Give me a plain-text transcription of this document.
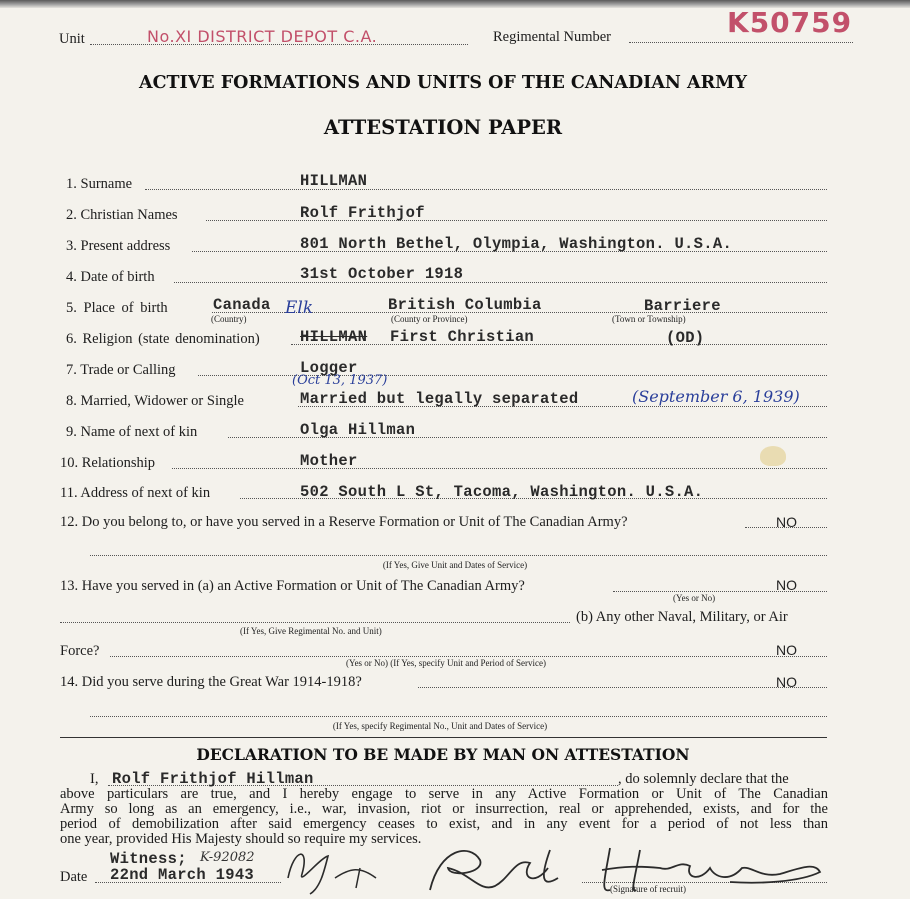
Unit	No.XI DISTRICT DEPOT C.A.	Regimental Number	K50759
ACTIVE FORMATIONS AND UNITS OF THE CANADIAN ARMY
ATTESTATION PAPER
1. Surname	HILLMAN
2. Christian Names	Rolf Frithjof
3. Present address	801 North Bethel, Olympia, Washington. U.S.A.
4. Date of birth	31st October 1918
5. Place of birth	Canada Elk	British Columbia	Barriere
(Country)	(County or Province)	(Town or Township)
6. Religion (state denomination)	HILLMAN First Christian	(OD)
7. Trade or Calling	Logger
(Oct 13, 1937)
8. Married, Widower or Single	Married but legally separated	(September 6, 1939)
9. Name of next of kin	Olga Hillman
10. Relationship	Mother
11. Address of next of kin	502 South L St, Tacoma, Washington. U.S.A.
12. Do you belong to, or have you served in a Reserve Formation or Unit of The Canadian Army?	NO
(If Yes, Give Unit and Dates of Service)
13. Have you served in (a) an Active Formation or Unit of The Canadian Army?	NO
(Yes or No)
(b) Any other Naval, Military, or Air
(If Yes, Give Regimental No. and Unit)
Force?	NO
(Yes or No) (If Yes, specify Unit and Period of Service)
14. Did you serve during the Great War 1914-1918?	NO
(If Yes, specify Regimental No., Unit and Dates of Service)
DECLARATION TO BE MADE BY MAN ON ATTESTATION
I, Rolf Frithjof Hillman	, do solemnly declare that the
above particulars are true, and I hereby engage to serve in any Active Formation or Unit of The Canadian
Army so long as an emergency, i.e., war, invasion, riot or insurrection, real or apprehended, exists, and for the
period of demobilization after said emergency ceases to exist, and in any event for a period of not less than
one year, provided His Majesty should so require my services.
Witness; K-92082
Date 22nd March 1943
(Signature of recruit)
